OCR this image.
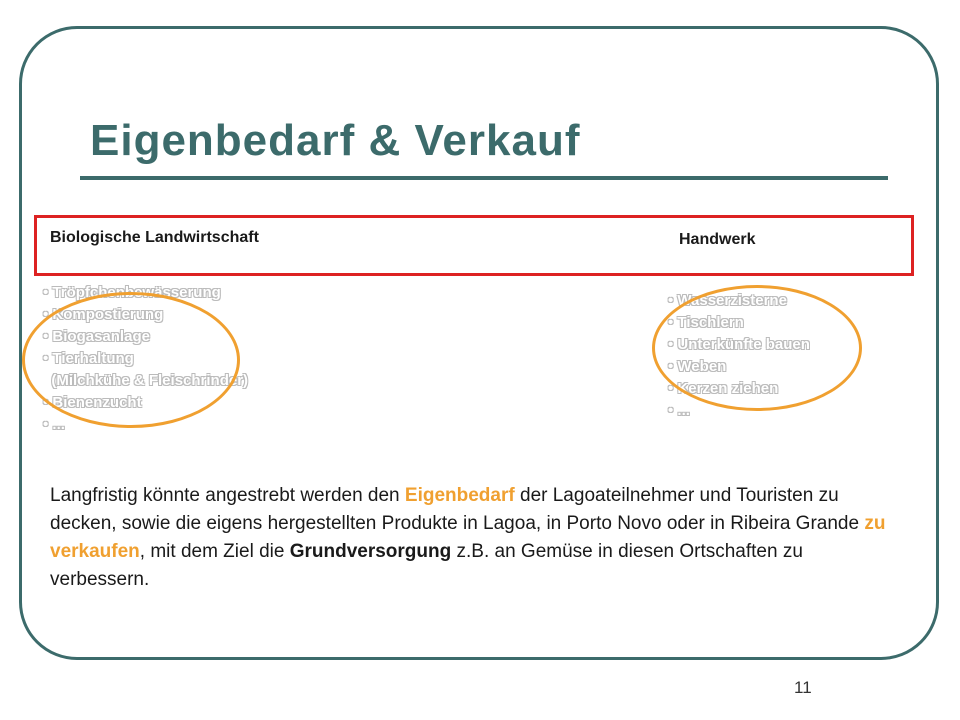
Eigenbedarf & Verkauf
Biologische Landwirtschaft	Handwerk
• Tröpfchenbewässerung
• Kompostierung
• Biogasanlage
• Tierhaltung
(Milchkühe & Fleischrinder)
• Bienenzucht
• ...
• Wasserzisterne
• Tischlern
• Unterkünfte bauen
• Weben
• Kerzen ziehen
• ...

Langfristig könnte angestrebt werden den Eigenbedarf der Lagoateilnehmer und Touristen zu decken, sowie die eigens hergestellten Produkte in Lagoa, in Porto Novo oder in Ribeira Grande zu verkaufen, mit dem Ziel die Grundversorgung z.B. an Gemüse in diesen Ortschaften zu verbessern.

11
